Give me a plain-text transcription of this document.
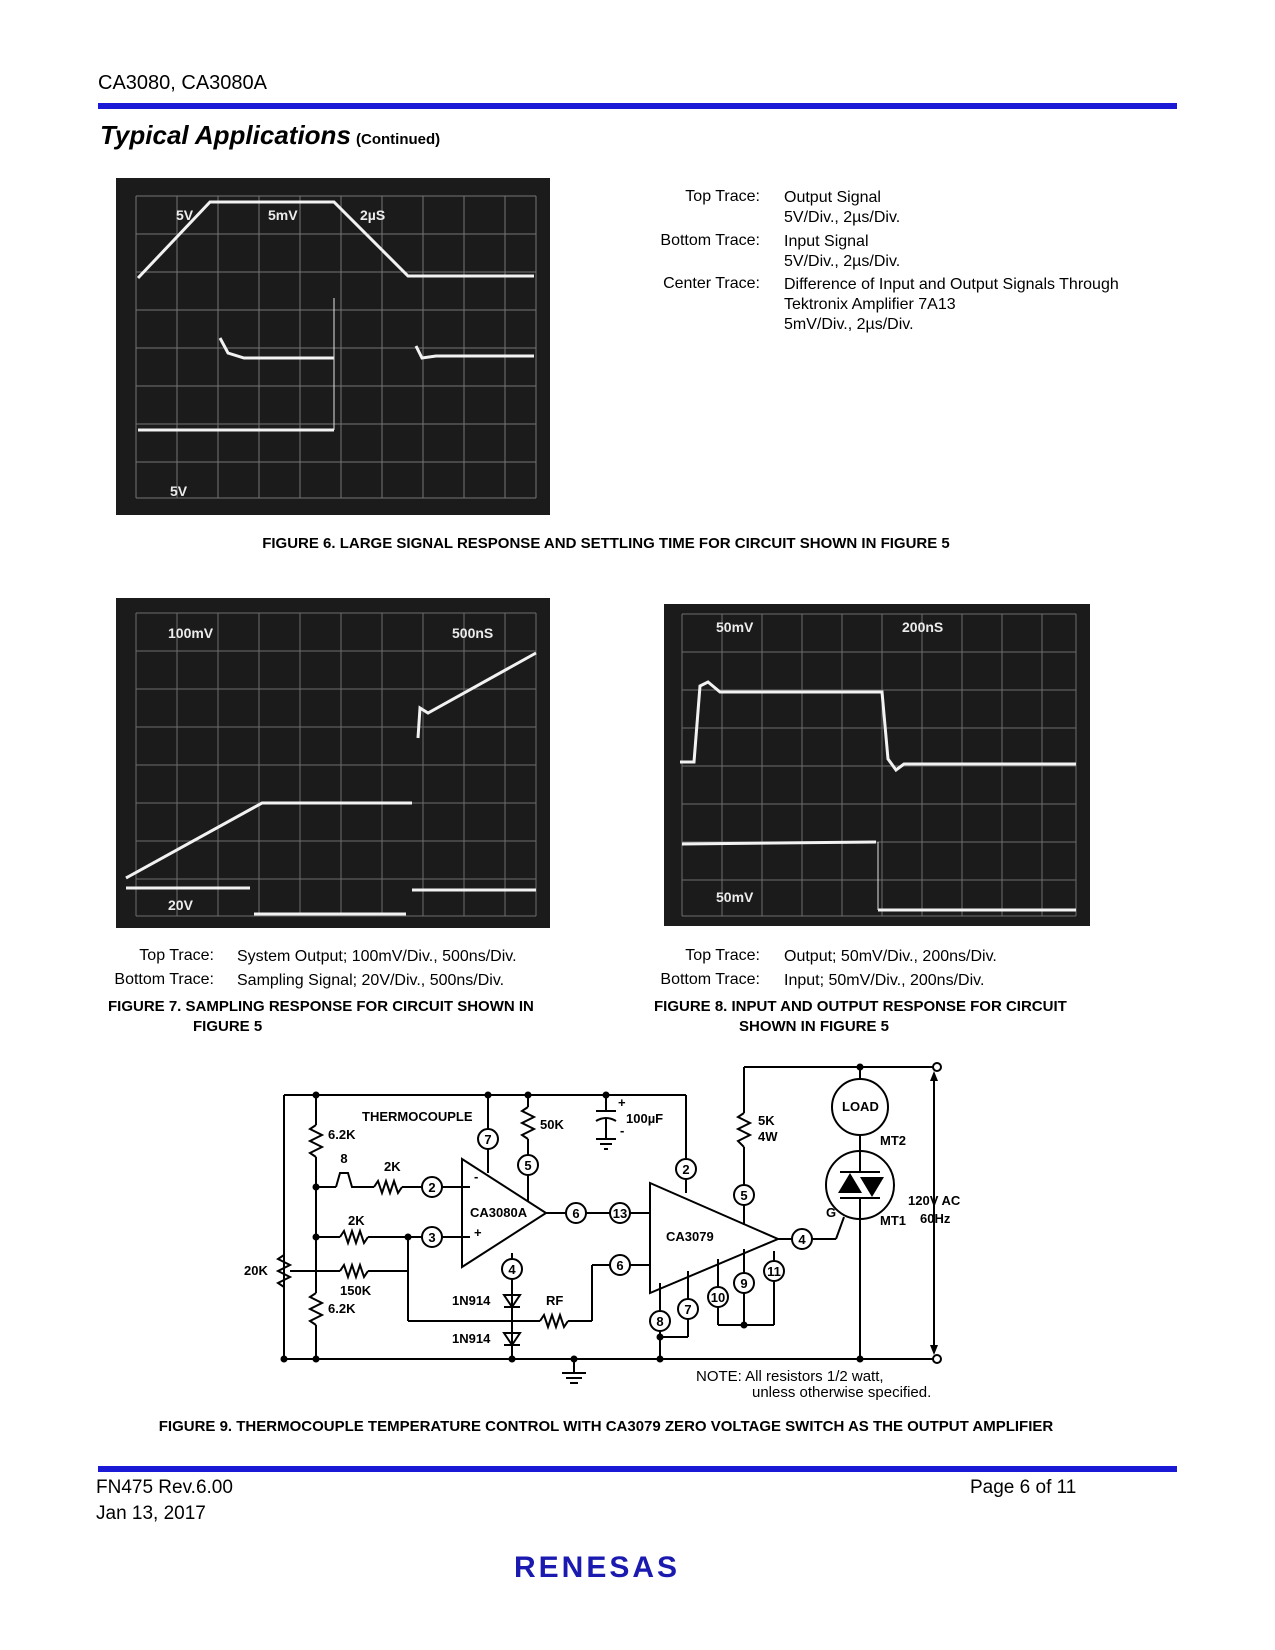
CA3080, CA3080A
Typical Applications (Continued)
5V	5mV	2µS
5V
Top Trace: Output Signal
5V/Div., 2µs/Div.
Bottom Trace: Input Signal
5V/Div., 2µs/Div.
Center Trace: Difference of Input and Output Signals Through
Tektronix Amplifier 7A13
5mV/Div., 2µs/Div.
FIGURE 6. LARGE SIGNAL RESPONSE AND SETTLING TIME FOR CIRCUIT SHOWN IN FIGURE 5
100mV	500nS
20V
50mV	200nS
50mV
Top Trace: System Output; 100mV/Div., 500ns/Div.
Bottom Trace: Sampling Signal; 20V/Div., 500ns/Div.
FIGURE 7. SAMPLING RESPONSE FOR CIRCUIT SHOWN IN
FIGURE 5
Top Trace: Output; 50mV/Div., 200ns/Div.
Bottom Trace: Input; 50mV/Div., 200ns/Div.
FIGURE 8. INPUT AND OUTPUT RESPONSE FOR CIRCUIT
SHOWN IN FIGURE 5
2
3
7
5
4
6	13
6
2
5
4
9
10
11
7
8
8
THERMOCOUPLE
6.2K
2K
2K
20K
150K
6.2K
50K	100µF
CA3080A
CA3079
5K
4W
LOAD
MT2
MT1
G
120V AC
60Hz
1N914
1N914
RF
-
+
+
-
NOTE: All resistors 1/2 watt,
unless otherwise specified.
FIGURE 9. THERMOCOUPLE TEMPERATURE CONTROL WITH CA3079 ZERO VOLTAGE SWITCH AS THE OUTPUT AMPLIFIER
FN475 Rev.6.00
Jan 13, 2017
RENESAS
Page 6 of 11
